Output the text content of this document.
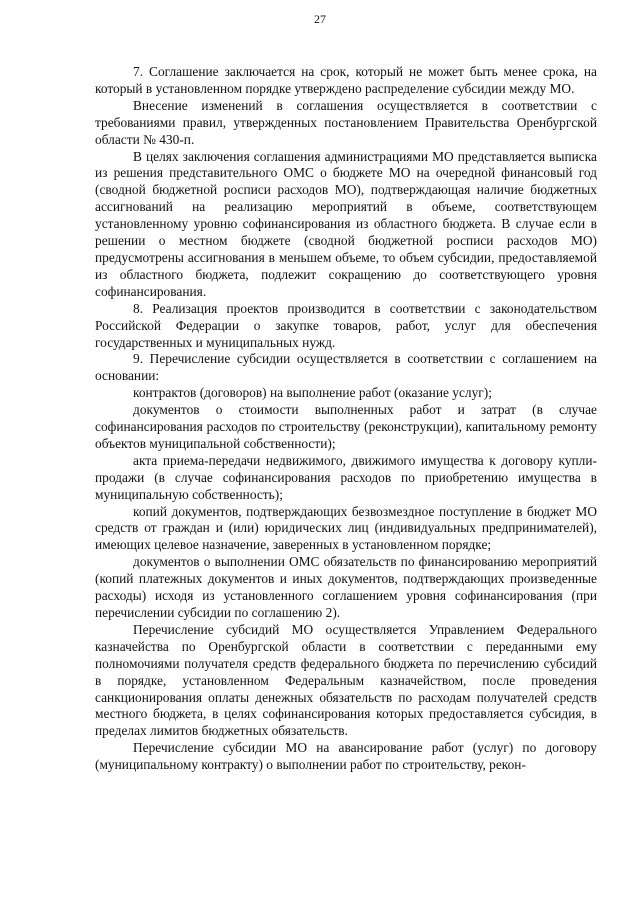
27

7. Соглашение заключается на срок, который не может быть менее срока, на который в установленном порядке утверждено распределение субсидии между МО.

Внесение изменений в соглашения осуществляется в соответствии с требованиями правил, утвержденных постановлением Правительства Оренбургской области № 430-п.

В целях заключения соглашения администрациями МО представляется выписка из решения представительного ОМС о бюджете МО на очередной финансовый год (сводной бюджетной росписи расходов МО), подтверждающая наличие бюджетных ассигнований на реализацию мероприятий в объеме, соответствующем установленному уровню софинансирования из областного бюджета. В случае если в решении о местном бюджете (сводной бюджетной росписи расходов МО) предусмотрены ассигнования в меньшем объеме, то объем субсидии, предоставляемой из областного бюджета, подлежит сокращению до соответствующего уровня софинансирования.

8. Реализация проектов производится в соответствии с законодательством Российской Федерации о закупке товаров, работ, услуг для обеспечения государственных и муниципальных нужд.

9. Перечисление субсидии осуществляется в соответствии с соглашением на основании:

контрактов (договоров) на выполнение работ (оказание услуг);

документов о стоимости выполненных работ и затрат (в случае софинансирования расходов по строительству (реконструкции), капитальному ремонту объектов муниципальной собственности);

акта приема-передачи недвижимого, движимого имущества к договору купли-продажи (в случае софинансирования расходов по приобретению имущества в муниципальную собственность);

копий документов, подтверждающих безвозмездное поступление в бюджет МО средств от граждан и (или) юридических лиц (индивидуальных предпринимателей), имеющих целевое назначение, заверенных в установленном порядке;

документов о выполнении ОМС обязательств по финансированию мероприятий (копий платежных документов и иных документов, подтверждающих произведенные расходы) исходя из установленного соглашением уровня софинансирования (при перечислении субсидии по соглашению 2).

Перечисление субсидий МО осуществляется Управлением Федерального казначейства по Оренбургской области в соответствии с переданными ему полномочиями получателя средств федерального бюджета по перечислению субсидий в порядке, установленном Федеральным казначейством, после проведения санкционирования оплаты денежных обязательств по расходам получателей средств местного бюджета, в целях софинансирования которых предоставляется субсидия, в пределах лимитов бюджетных обязательств.

Перечисление субсидии МО на авансирование работ (услуг) по договору (муниципальному контракту) о выполнении работ по строительству, рекон-
